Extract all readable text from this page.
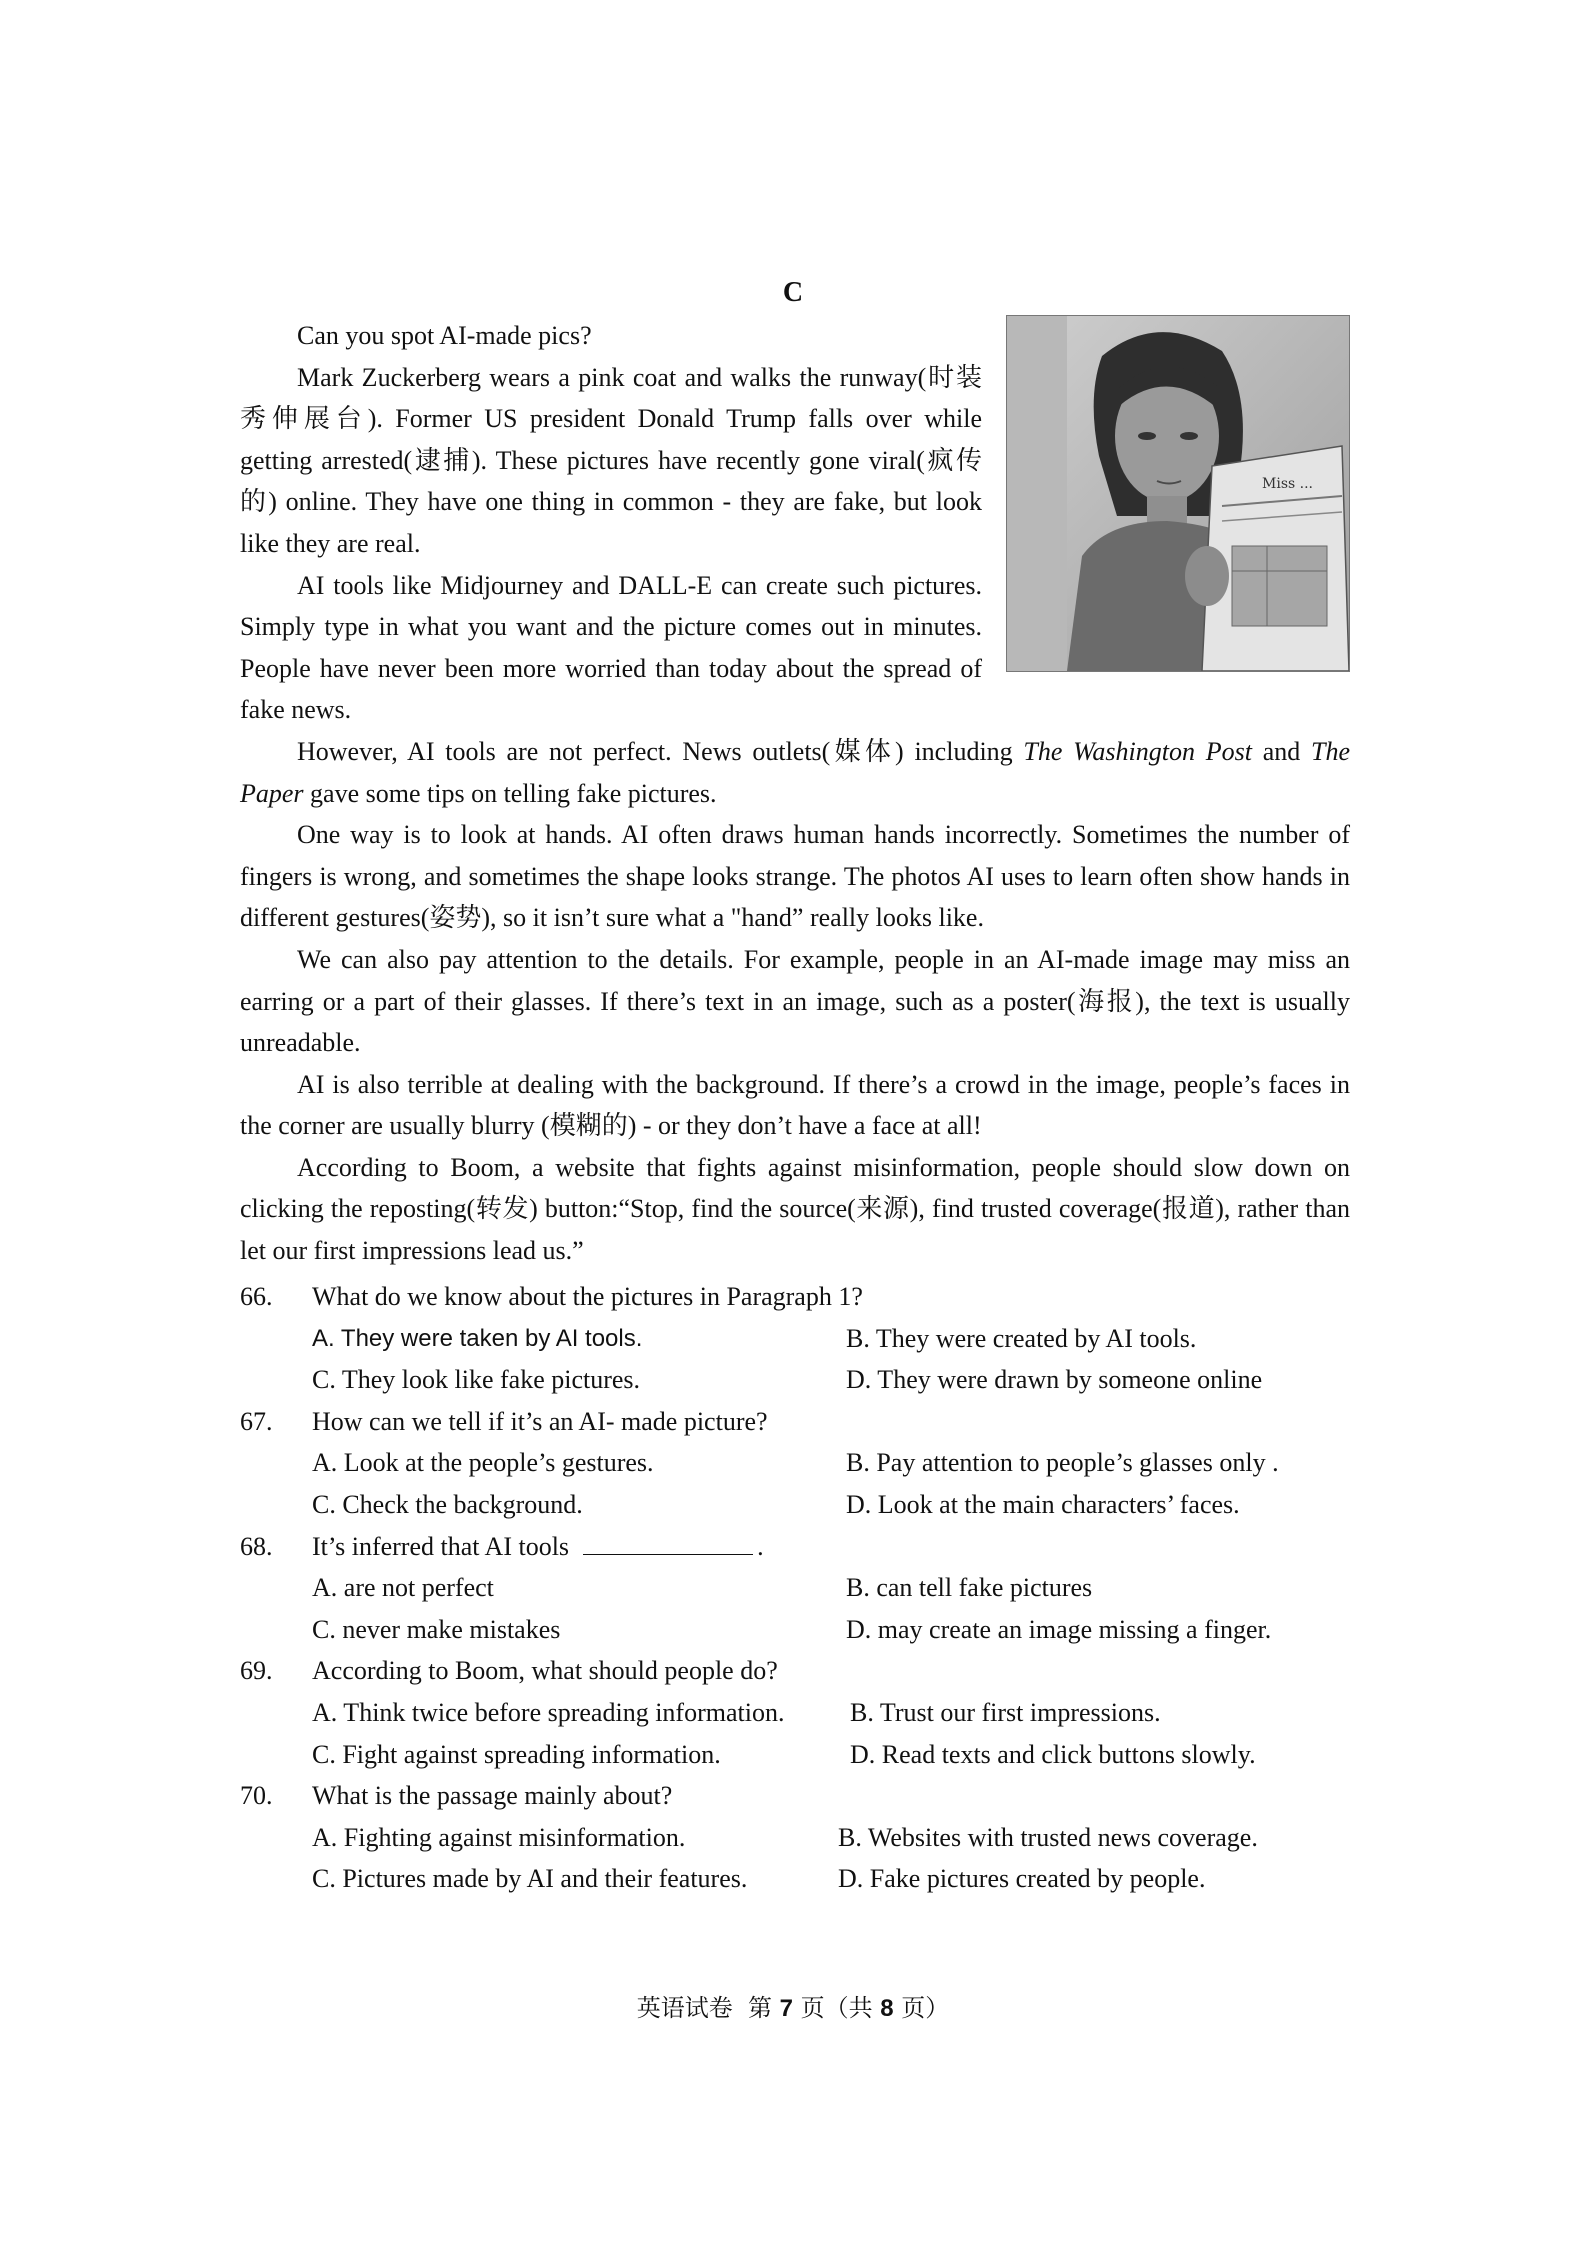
C
Miss ...

Can you spot AI-made pics?

Mark Zuckerberg wears a pink coat and walks the runway(时装秀伸展台). Former US president Donald Trump falls over while getting arrested(逮捕). These pictures have recently gone viral(疯传的) online. They have one thing in common - they are fake, but look like they are real.

AI tools like Midjourney and DALL-E can create such pictures. Simply type in what you want and the picture comes out in minutes. People have never been more worried than today about the spread of fake news.

However, AI tools are not perfect. News outlets(媒体) including The Washington Post and The Paper gave some tips on telling fake pictures.

One way is to look at hands. AI often draws human hands incorrectly. Sometimes the number of fingers is wrong, and sometimes the shape looks strange. The photos AI uses to learn often show hands in different gestures(姿势), so it isn’t sure what a "hand” really looks like.

We can also pay attention to the details. For example, people in an AI-made image may miss an earring or a part of their glasses. If there’s text in an image, such as a poster(海报), the text is usually unreadable.

AI is also terrible at dealing with the background. If there’s a crowd in the image, people’s faces in the corner are usually blurry (模糊的) - or they don’t have a face at all!

According to Boom, a website that fights against misinformation, people should slow down on clicking the reposting(转发) button:“Stop, find the source(来源), find trusted coverage(报道), rather than let our first impressions lead us.”

66.	What do we know about the pictures in Paragraph 1?
A. They were taken by AI tools.	B. They were created by AI tools.
C. They look like fake pictures.	D. They were drawn by someone online
67.	How can we tell if it’s an AI- made picture?
A. Look at the people’s gestures.	B. Pay attention to people’s glasses only .
C. Check the background.	D. Look at the main characters’ faces.
68.	It’s inferred that AI tools	.
A. are not perfect	B. can tell fake pictures
C. never make mistakes	D. may create an image missing a finger.
69.	According to Boom, what should people do?
A. Think twice before spreading information.	B. Trust our first impressions.
C. Fight against spreading information.	D. Read texts and click buttons slowly.
70.	What is the passage mainly about?
A. Fighting against misinformation.	B. Websites with trusted news coverage.
C. Pictures made by AI and their features.	D. Fake pictures created by people.
英语试卷 第 7 页（共 8 页）
